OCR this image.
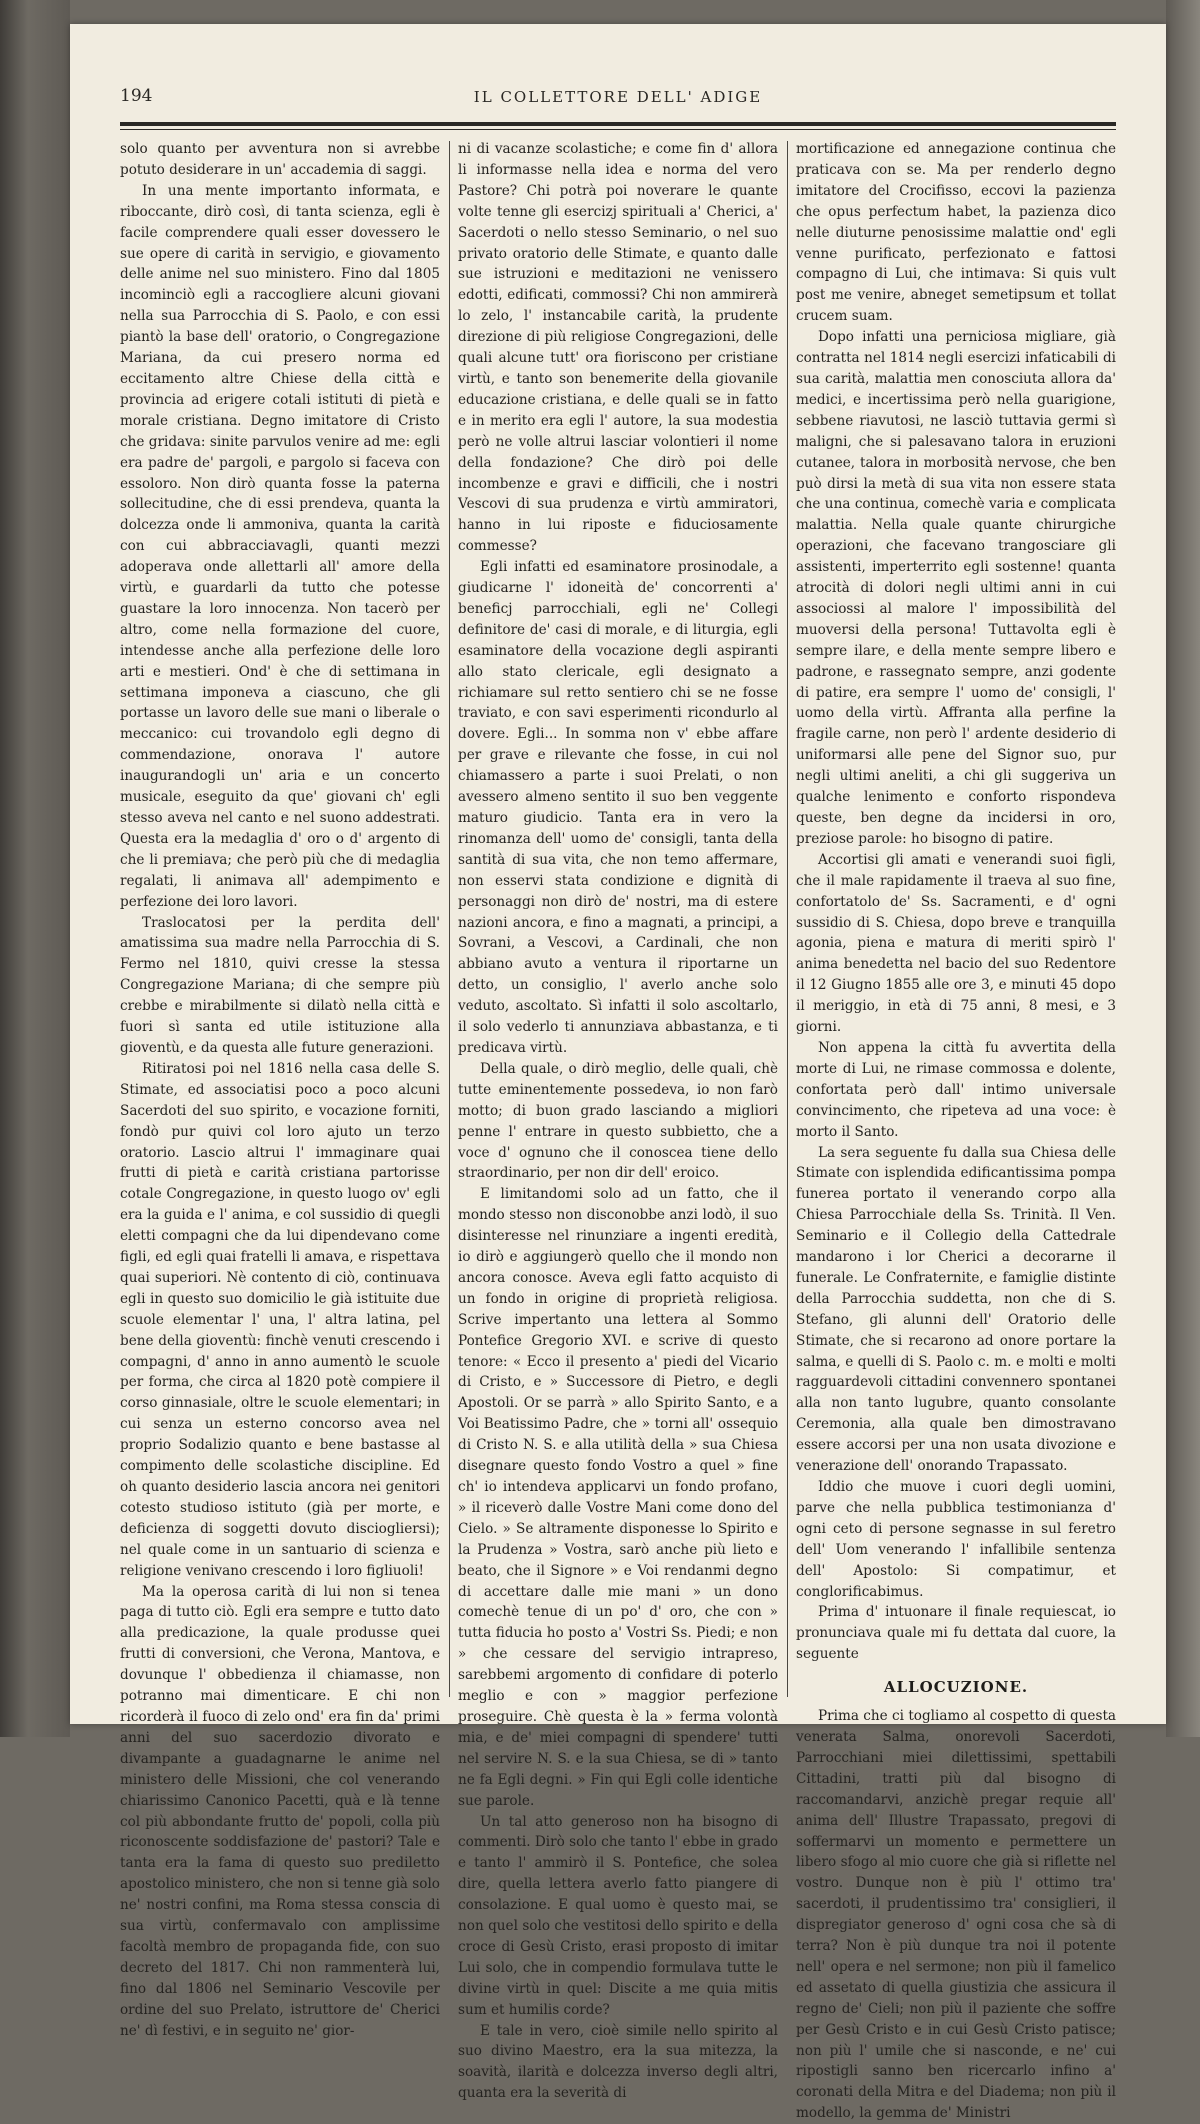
194	IL COLLETTORE DELL' ADIGE

solo quanto per avventura non si avrebbe potuto desiderare in un' accademia di saggi.

In una mente importanto informata, e riboccante, dirò così, di tanta scienza, egli è facile comprendere quali esser dovessero le sue opere di carità in servigio, e giovamento delle anime nel suo ministero. Fino dal 1805 incominciò egli a raccogliere alcuni giovani nella sua Parrocchia di S. Paolo, e con essi piantò la base dell' oratorio, o Congregazione Mariana, da cui presero norma ed eccitamento altre Chiese della città e provincia ad erigere cotali istituti di pietà e morale cristiana. Degno imitatore di Cristo che gridava: sinite parvulos venire ad me: egli era padre de' pargoli, e pargolo si faceva con essoloro. Non dirò quanta fosse la paterna sollecitudine, che di essi prendeva, quanta la dolcezza onde li ammoniva, quanta la carità con cui abbracciavagli, quanti mezzi adoperava onde allettarli all' amore della virtù, e guardarli da tutto che potesse guastare la loro innocenza. Non tacerò per altro, come nella formazione del cuore, intendesse anche alla perfezione delle loro arti e mestieri. Ond' è che di settimana in settimana imponeva a ciascuno, che gli portasse un lavoro delle sue mani o liberale o meccanico: cui trovandolo egli degno di commendazione, onorava l' autore inaugurandogli un' aria e un concerto musicale, eseguito da que' giovani ch' egli stesso aveva nel canto e nel suono addestrati. Questa era la medaglia d' oro o d' argento di che li premiava; che però più che di medaglia regalati, li animava all' adempimento e perfezione dei loro lavori.

Traslocatosi per la perdita dell' amatissima sua madre nella Parrocchia di S. Fermo nel 1810, quivi cresse la stessa Congregazione Mariana; di che sempre più crebbe e mirabilmente si dilatò nella città e fuori sì santa ed utile istituzione alla gioventù, e da questa alle future generazioni.

Ritiratosi poi nel 1816 nella casa delle S. Stimate, ed associatisi poco a poco alcuni Sacerdoti del suo spirito, e vocazione forniti, fondò pur quivi col loro ajuto un terzo oratorio. Lascio altrui l' immaginare quai frutti di pietà e carità cristiana partorisse cotale Congregazione, in questo luogo ov' egli era la guida e l' anima, e col sussidio di quegli eletti compagni che da lui dipendevano come figli, ed egli quai fratelli li amava, e rispettava quai superiori. Nè contento di ciò, continuava egli in questo suo domicilio le già istituite due scuole elementar l' una, l' altra latina, pel bene della gioventù: finchè venuti crescendo i compagni, d' anno in anno aumentò le scuole per forma, che circa al 1820 potè compiere il corso ginnasiale, oltre le scuole elementari; in cui senza un esterno concorso avea nel proprio Sodalizio quanto e bene bastasse al compimento delle scolastiche discipline. Ed oh quanto desiderio lascia ancora nei genitori cotesto studioso istituto (già per morte, e deficienza di soggetti dovuto disciogliersi); nel quale come in un santuario di scienza e religione venivano crescendo i loro figliuoli!

Ma la operosa carità di lui non si tenea paga di tutto ciò. Egli era sempre e tutto dato alla predicazione, la quale produsse quei frutti di conversioni, che Verona, Mantova, e dovunque l' obbedienza il chiamasse, non potranno mai dimenticare. E chi non ricorderà il fuoco di zelo ond' era fin da' primi anni del suo sacerdozio divorato e divampante a guadagnarne le anime nel ministero delle Missioni, che col venerando chiarissimo Canonico Pacetti, quà e là tenne col più abbondante frutto de' popoli, colla più riconoscente soddisfazione de' pastori? Tale e tanta era la fama di questo suo prediletto apostolico ministero, che non si tenne già solo ne' nostri confini, ma Roma stessa conscia di sua virtù, confermavalo con amplissime facoltà membro de propaganda fide, con suo decreto del 1817. Chi non rammenterà lui, fino dal 1806 nel Seminario Vescovile per ordine del suo Prelato, istruttore de' Cherici ne' dì festivi, e in seguito ne' gior-

ni di vacanze scolastiche; e come fin d' allora li informasse nella idea e norma del vero Pastore? Chi potrà poi noverare le quante volte tenne gli esercizj spirituali a' Cherici, a' Sacerdoti o nello stesso Seminario, o nel suo privato oratorio delle Stimate, e quanto dalle sue istruzioni e meditazioni ne venissero edotti, edificati, commossi? Chi non ammirerà lo zelo, l' instancabile carità, la prudente direzione di più religiose Congregazioni, delle quali alcune tutt' ora fioriscono per cristiane virtù, e tanto son benemerite della giovanile educazione cristiana, e delle quali se in fatto e in merito era egli l' autore, la sua modestia però ne volle altrui lasciar volontieri il nome della fondazione? Che dirò poi delle incombenze e gravi e difficili, che i nostri Vescovi di sua prudenza e virtù ammiratori, hanno in lui riposte e fiduciosamente commesse?

Egli infatti ed esaminatore prosinodale, a giudicarne l' idoneità de' concorrenti a' beneficj parrocchiali, egli ne' Collegi definitore de' casi di morale, e di liturgia, egli esaminatore della vocazione degli aspiranti allo stato clericale, egli designato a richiamare sul retto sentiero chi se ne fosse traviato, e con savi esperimenti ricondurlo al dovere. Egli... In somma non v' ebbe affare per grave e rilevante che fosse, in cui nol chiamassero a parte i suoi Prelati, o non avessero almeno sentito il suo ben veggente maturo giudicio. Tanta era in vero la rinomanza dell' uomo de' consigli, tanta della santità di sua vita, che non temo affermare, non esservi stata condizione e dignità di personaggi non dirò de' nostri, ma di estere nazioni ancora, e fino a magnati, a principi, a Sovrani, a Vescovi, a Cardinali, che non abbiano avuto a ventura il riportarne un detto, un consiglio, l' averlo anche solo veduto, ascoltato. Sì infatti il solo ascoltarlo, il solo vederlo ti annunziava abbastanza, e ti predicava virtù.

Della quale, o dirò meglio, delle quali, chè tutte eminentemente possedeva, io non farò motto; di buon grado lasciando a migliori penne l' entrare in questo subbietto, che a voce d' ognuno che il conoscea tiene dello straordinario, per non dir dell' eroico.

E limitandomi solo ad un fatto, che il mondo stesso non disconobbe anzi lodò, il suo disinteresse nel rinunziare a ingenti eredità, io dirò e aggiungerò quello che il mondo non ancora conosce. Aveva egli fatto acquisto di un fondo in origine di proprietà religiosa. Scrive impertanto una lettera al Sommo Pontefice Gregorio XVI. e scrive di questo tenore: « Ecco il presento a' piedi del Vicario di Cristo, e » Successore di Pietro, e degli Apostoli. Or se parrà » allo Spirito Santo, e a Voi Beatissimo Padre, che » torni all' ossequio di Cristo N. S. e alla utilità della » sua Chiesa disegnare questo fondo Vostro a quel » fine ch' io intendeva applicarvi un fondo profano, » il riceverò dalle Vostre Mani come dono del Cielo. » Se altramente disponesse lo Spirito e la Prudenza » Vostra, sarò anche più lieto e beato, che il Signore » e Voi rendanmi degno di accettare dalle mie mani » un dono comechè tenue di un po' d' oro, che con » tutta fiducia ho posto a' Vostri Ss. Piedi; e non » che cessare del servigio intrapreso, sarebbemi argomento di confidare di poterlo meglio e con » maggior perfezione proseguire. Chè questa è la » ferma volontà mia, e de' miei compagni di spendere' tutti nel servire N. S. e la sua Chiesa, se di » tanto ne fa Egli degni. » Fin qui Egli colle identiche sue parole.

Un tal atto generoso non ha bisogno di commenti. Dirò solo che tanto l' ebbe in grado e tanto l' ammirò il S. Pontefice, che solea dire, quella lettera averlo fatto piangere di consolazione. E qual uomo è questo mai, se non quel solo che vestitosi dello spirito e della croce di Gesù Cristo, erasi proposto di imitar Lui solo, che in compendio formulava tutte le divine virtù in quel: Discite a me quia mitis sum et humilis corde?

E tale in vero, cioè simile nello spirito al suo divino Maestro, era la sua mitezza, la soavità, ilarità e dolcezza inverso degli altri, quanta era la severità di

mortificazione ed annegazione continua che praticava con se. Ma per renderlo degno imitatore del Crocifisso, eccovi la pazienza che opus perfectum habet, la pazienza dico nelle diuturne penosissime malattie ond' egli venne purificato, perfezionato e fattosi compagno di Lui, che intimava: Si quis vult post me venire, abneget semetipsum et tollat crucem suam.

Dopo infatti una perniciosa migliare, già contratta nel 1814 negli esercizi infaticabili di sua carità, malattia men conosciuta allora da' medici, e incertissima però nella guarigione, sebbene riavutosi, ne lasciò tuttavia germi sì maligni, che si palesavano talora in eruzioni cutanee, talora in morbosità nervose, che ben può dirsi la metà di sua vita non essere stata che una continua, comechè varia e complicata malattia. Nella quale quante chirurgiche operazioni, che facevano trangosciare gli assistenti, imperterrito egli sostenne! quanta atrocità di dolori negli ultimi anni in cui associossi al malore l' impossibilità del muoversi della persona! Tuttavolta egli è sempre ilare, e della mente sempre libero e padrone, e rassegnato sempre, anzi godente di patire, era sempre l' uomo de' consigli, l' uomo della virtù. Affranta alla perfine la fragile carne, non però l' ardente desiderio di uniformarsi alle pene del Signor suo, pur negli ultimi aneliti, a chi gli suggeriva un qualche lenimento e conforto rispondeva queste, ben degne da incidersi in oro, preziose parole: ho bisogno di patire.

Accortisi gli amati e venerandi suoi figli, che il male rapidamente il traeva al suo fine, confortatolo de' Ss. Sacramenti, e d' ogni sussidio di S. Chiesa, dopo breve e tranquilla agonia, piena e matura di meriti spirò l' anima benedetta nel bacio del suo Redentore il 12 Giugno 1855 alle ore 3, e minuti 45 dopo il meriggio, in età di 75 anni, 8 mesi, e 3 giorni.

Non appena la città fu avvertita della morte di Lui, ne rimase commossa e dolente, confortata però dall' intimo universale convincimento, che ripeteva ad una voce: è morto il Santo.

La sera seguente fu dalla sua Chiesa delle Stimate con isplendida edificantissima pompa funerea portato il venerando corpo alla Chiesa Parrocchiale della Ss. Trinità. Il Ven. Seminario e il Collegio della Cattedrale mandarono i lor Cherici a decorarne il funerale. Le Confraternite, e famiglie distinte della Parrocchia suddetta, non che di S. Stefano, gli alunni dell' Oratorio delle Stimate, che si recarono ad onore portare la salma, e quelli di S. Paolo c. m. e molti e molti ragguardevoli cittadini convennero spontanei alla non tanto lugubre, quanto consolante Ceremonia, alla quale ben dimostravano essere accorsi per una non usata divozione e venerazione dell' onorando Trapassato.

Iddio che muove i cuori degli uomini, parve che nella pubblica testimonianza d' ogni ceto di persone segnasse in sul feretro dell' Uom venerando l' infallibile sentenza dell' Apostolo: Si compatimur, et conglorificabimus.

Prima d' intuonare il finale requiescat, io pronunciava quale mi fu dettata dal cuore, la seguente

ALLOCUZIONE.

Prima che ci togliamo al cospetto di questa venerata Salma, onorevoli Sacerdoti, Parrocchiani miei dilettissimi, spettabili Cittadini, tratti più dal bisogno di raccomandarvi, anzichè pregar requie all' anima dell' Illustre Trapassato, pregovi di soffermarvi un momento e permettere un libero sfogo al mio cuore che già si riflette nel vostro. Dunque non è più l' ottimo tra' sacerdoti, il prudentissimo tra' consiglieri, il dispregiator generoso d' ogni cosa che sà di terra? Non è più dunque tra noi il potente nell' opera e nel sermone; non più il famelico ed assetato di quella giustizia che assicura il regno de' Cieli; non più il paziente che soffre per Gesù Cristo e in cui Gesù Cristo patisce; non più l' umile che si nasconde, e ne' cui ripostigli sanno ben ricercarlo infino a' coronati della Mitra e del Diadema; non più il modello, la gemma de' Ministri
